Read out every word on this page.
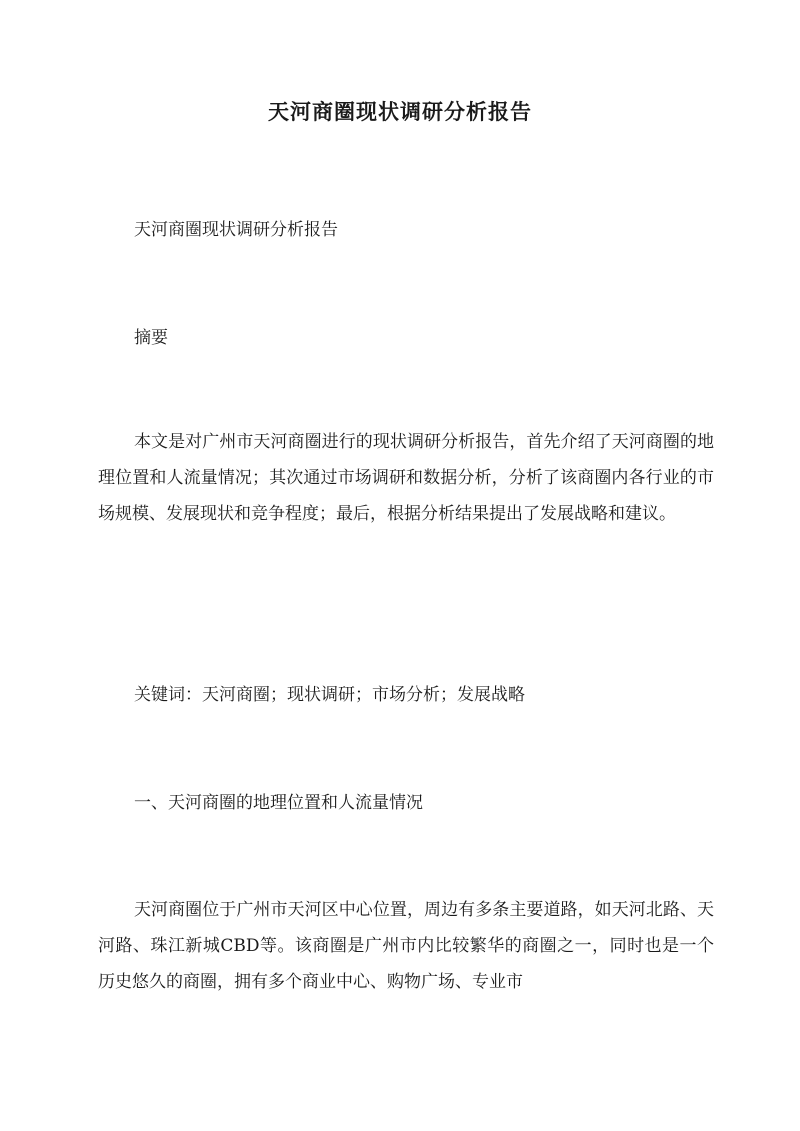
天河商圈现状调研分析报告

天河商圈现状调研分析报告

摘要

本文是对广州市天河商圈进行的现状调研分析报告，首先介绍了天河商圈的地理位置和人流量情况；其次通过市场调研和数据分析，分析了该商圈内各行业的市场规模、发展现状和竞争程度；最后，根据分析结果提出了发展战略和建议。

关键词：天河商圈；现状调研；市场分析；发展战略

一、天河商圈的地理位置和人流量情况

天河商圈位于广州市天河区中心位置，周边有多条主要道路，如天河北路、天河路、珠江新城CBD等。该商圈是广州市内比较繁华的商圈之一，同时也是一个历史悠久的商圈，拥有多个商业中心、购物广场、专业市
